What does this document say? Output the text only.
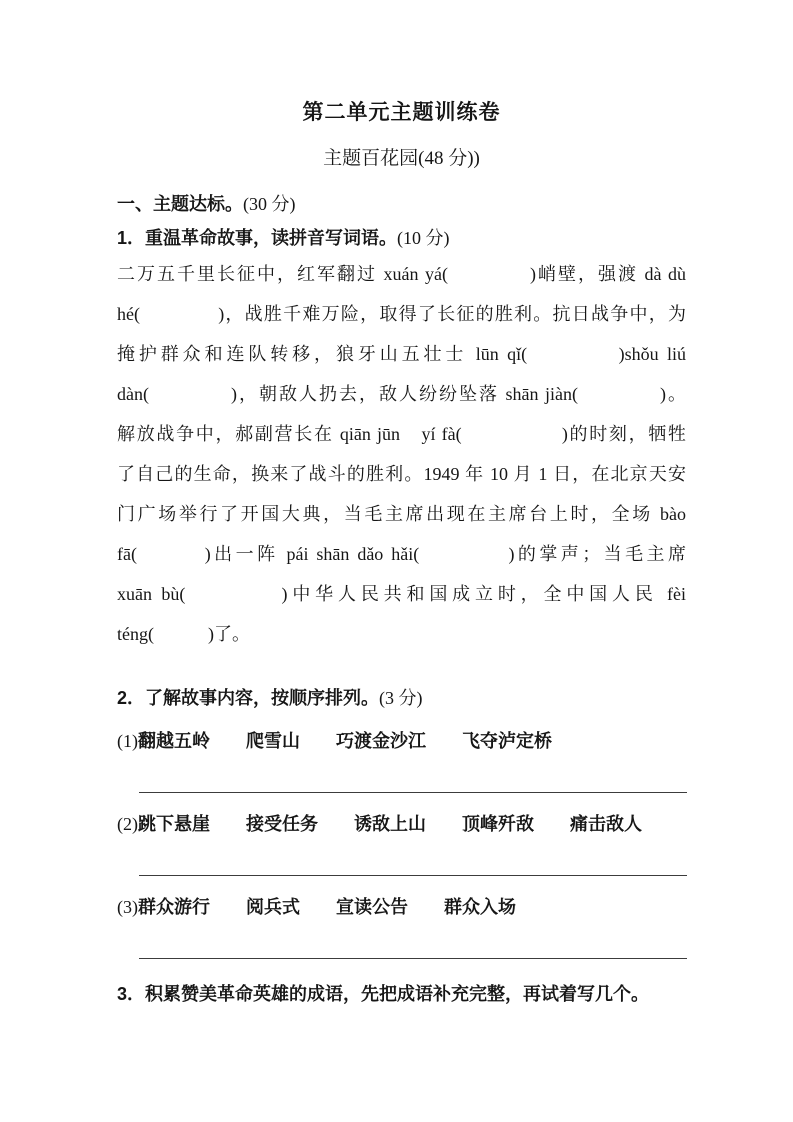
第二单元主题训练卷
主题百花园(48 分))
一、主题达标。(30 分)
1．重温革命故事，读拼音写词语。(10 分)
二万五千里长征中，红军翻过 xuán yá(　　　　)峭壁，强渡 dà dù
hé(　　　　)，战胜千难万险，取得了长征的胜利。抗日战争中，为
掩护群众和连队转移，狼牙山五壮士 lūn qǐ(　　　　)shǒu liú
dàn(　　　　)，朝敌人扔去，敌人纷纷坠落 shān jiàn(　　　　)。
解放战争中，郝副营长在 qiān jūn　yí fà(　　　　　)的时刻，牺牲
了自己的生命，换来了战斗的胜利。1949 年 10 月 1 日，在北京天安
门广场举行了开国大典，当毛主席出现在主席台上时，全场 bào
fā(　　　)出一阵 pái shān dǎo hǎi(　　　　)的掌声；当毛主席
xuān bù(　　　　)中华人民共和国成立时，全中国人民 fèi
téng(　　　)了。
2．了解故事内容，按顺序排列。(3 分)
(1)翻越五岭　　爬雪山　　巧渡金沙江　　飞夺泸定桥
(2)跳下悬崖　　接受任务　　诱敌上山　　顶峰歼敌　　痛击敌人
(3)群众游行　　阅兵式　　宣读公告　　群众入场
3．积累赞美革命英雄的成语，先把成语补充完整，再试着写几个。
